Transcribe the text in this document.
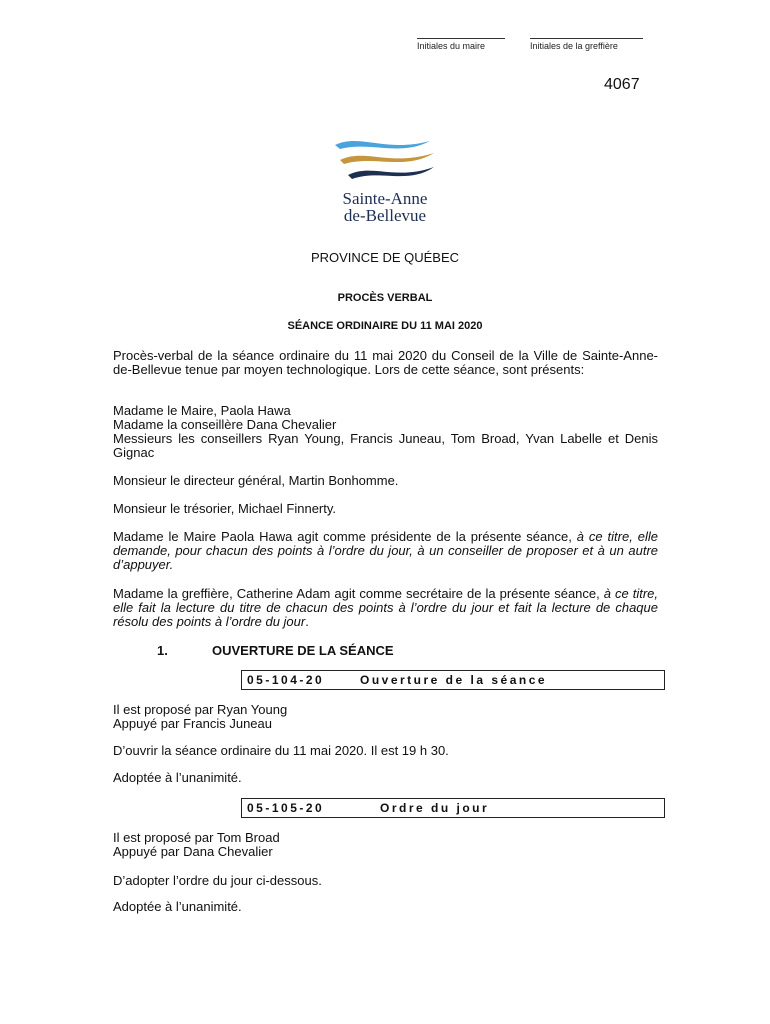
Initiales du maire	Initiales de la greffière
4067
Sainte-Anne
de-Bellevue
PROVINCE DE QUÉBEC
PROCÈS VERBAL
SÉANCE ORDINAIRE DU 11 MAI 2020

Procès-verbal de la séance ordinaire du 11 mai 2020 du Conseil de la Ville de Sainte-Anne-de-Bellevue tenue par moyen technologique. Lors de cette séance, sont présents:

Madame le Maire, Paola Hawa

Madame la conseillère Dana Chevalier

Messieurs les conseillers Ryan Young, Francis Juneau, Tom Broad, Yvan Labelle et Denis Gignac

Monsieur le directeur général, Martin Bonhomme.
Monsieur le trésorier, Michael Finnerty.
Madame le Maire Paola Hawa agit comme présidente de la présente séance, à ce titre, elle demande, pour chacun des points à l’ordre du jour, à un conseiller de proposer et à un autre d’appuyer.
Madame la greffière, Catherine Adam agit comme secrétaire de la présente séance, à ce titre, elle fait la lecture du titre de chacun des points à l’ordre du jour et fait la lecture de chaque résolu des points à l’ordre du jour.
1.	OUVERTURE DE LA SÉANCE
05-104-20	Ouverture de la séance

Il est proposé par Ryan Young

Appuyé par Francis Juneau

D’ouvrir la séance ordinaire du 11 mai 2020. Il est 19 h 30.
Adoptée à l’unanimité.
05-105-20	Ordre du jour

Il est proposé par Tom Broad

Appuyé par Dana Chevalier

D’adopter l’ordre du jour ci-dessous.
Adoptée à l’unanimité.
